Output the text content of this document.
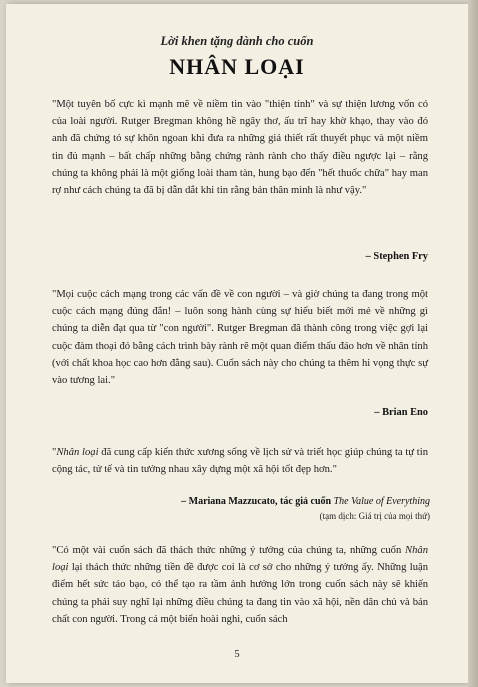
Lời khen tặng dành cho cuốn
NHÂN LOẠI
"Một tuyên bố cực kì mạnh mẽ về niềm tin vào "thiện tính" và sự thiện lương vốn có của loài người. Rutger Bregman không hề ngây thơ, ấu trĩ hay khờ khạo, thay vào đó anh đã chứng tỏ sự khôn ngoan khi đưa ra những giả thiết rất thuyết phục và một niềm tin đủ mạnh – bất chấp những bằng chứng rành rành cho thấy điều ngược lại – rằng chúng ta không phải là một giống loài tham tàn, hung bạo đến "hết thuốc chữa" hay man rợ như cách chúng ta đã bị dẫn dắt khi tin rằng bản thân mình là như vậy."
– Stephen Fry
"Mọi cuộc cách mạng trong các vấn đề về con người – và giờ chúng ta đang trong một cuộc cách mạng đúng đắn! – luôn song hành cùng sự hiểu biết mới mẻ về những gì chúng ta diễn đạt qua từ "con người". Rutger Bregman đã thành công trong việc gợi lại cuộc đàm thoại đó bằng cách trình bày rành rẽ một quan điểm thấu đáo hơn về nhân tính (với chất khoa học cao hơn đằng sau). Cuốn sách này cho chúng ta thêm hi vọng thực sự vào tương lai."
– Brian Eno
"Nhân loại đã cung cấp kiến thức xương sống về lịch sử và triết học giúp chúng ta tự tin cộng tác, tử tế và tin tưởng nhau xây dựng một xã hội tốt đẹp hơn."
– Mariana Mazzucato, tác giả cuốn The Value of Everything
(tạm dịch: Giá trị của mọi thứ)
"Có một vài cuốn sách đã thách thức những ý tưởng của chúng ta, những cuốn Nhân loại lại thách thức những tiền đề được coi là cơ sở cho những ý tưởng ấy. Những luận điểm hết sức táo bạo, có thể tạo ra tầm ảnh hưởng lớn trong cuốn sách này sẽ khiến chúng ta phải suy nghĩ lại những điều chúng ta đang tin vào xã hội, nền dân chủ và bản chất con người. Trong cả một biển hoài nghi, cuốn sách
5
